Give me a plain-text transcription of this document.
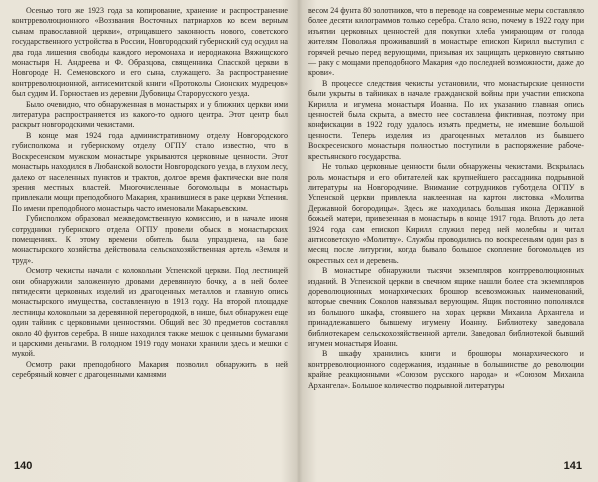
Осенью того же 1923 года за копирование, хранение и распространение контрреволюционного «Воззвания Восточных патриархов ко всем верным сынам православной церкви», отрицавшего законность нового, советского государственного устройства в России, Новгородский губернский суд осудил на два года лишения свободы каждого иеромонаха и иеродиакона Вяжищского монастыря Н. Андреева и Ф. Образцова, священника Спасской церкви в Новгороде Н. Семеновского и его сына, служащего. За распространение контрреволюционной, антисемитской книги «Протоколы Сионских мудрецов» был судим И. Горностаев из деревни Дубовицы Старорусского уезда.

Было очевидно, что обнаруженная в монастырях и у ближних церкви ими литература распространяется из какого-то одного центра. Этот центр был раскрыт новгородскими чекистами.

В конце мая 1924 года административному отделу Новгородского губисполкома и губернскому отделу ОГПУ стало известно, что в Воскресенском мужском монастыре укрываются церковные ценности. Этот монастырь находился в Любанской волости Новгородского уезда, в глухом лесу, далеко от населенных пунктов и трактов, долгое время фактически вне поля зрения местных властей. Многочисленные богомольцы в монастырь привлекали мощи преподобного Макария, хранившиеся в раке церкви Успения. По имени преподобного монастырь часто именовали Макарьевским.

Губисполком образовал межведомственную комиссию, и в начале июня сотрудники губернского отдела ОГПУ провели обыск в монастырских помещениях. К этому времени обитель была упразднена, на базе монастырского хозяйства действовала сельскохозяйственная артель «Земля и труд».

Осмотр чекисты начали с колокольни Успенской церкви. Под лестницей они обнаружили заложенную дровами деревянную бочку, а в ней более пятидесяти церковных изделий из драгоценных металлов и главную опись монастырского имущества, составленную в 1913 году. На второй площадке лестницы колокольни за деревянной перегородкой, в нише, был обнаружен еще один тайник с церковными ценностями. Общий вес 30 предметов составлял около 40 фунтов серебра. В нише находился также мешок с ценными бумагами и царскими деньгами. В голодном 1919 году монахи хранили здесь и мешки с мукой.

Осмотр раки преподобного Макария позволил обнаружить в ней серебряный ковчег с драгоценными камнями

весом 24 фунта 80 золотников, что в переводе на современные меры составляло более десяти килограммов только серебра. Стало ясно, почему в 1922 году при изъятии церковных ценностей для покупки хлеба умирающим от голода жителям Поволжья проживавший в монастыре епископ Кирилл выступил с горячей речью перед верующими, призывая их защищать церковную святыню — раку с мощами преподобного Макария «до последней возможности, даже до крови».

В процессе следствия чекисты установили, что монастырские ценности были укрыты в тайниках в начале гражданской войны при участии епископа Кирилла и игумена монастыря Иоанна. По их указанию главная опись ценностей была скрыта, а вместо нее составлена фиктивная, поэтому при конфискации в 1922 году удалось изъять предметы, не имевшие большой ценности. Теперь изделия из драгоценных металлов из бывшего Воскресенского монастыря полностью поступили в распоряжение рабоче-крестьянского государства.

Не только церковные ценности были обнаружены чекистами. Вскрылась роль монастыря и его обитателей как крупнейшего рассадника подрывной литературы на Новгородчине. Внимание сотрудников губотдела ОГПУ в Успенской церкви привлекла наклеенная на картон листовка «Молитва Державной богородицы». Здесь же находилась большая икона Державной божьей матери, привезенная в монастырь в конце 1917 года. Вплоть до лета 1924 года сам епископ Кирилл служил перед ней молебны и читал антисоветскую «Молитву». Службы проводились по воскресеньям один раз в месяц после литургии, когда бывало большое скопление богомольцев из окрестных сел и деревень.

В монастыре обнаружили тысячи экземпляров контрреволюционных изданий. В Успенской церкви в свечном ящике нашли более ста экземпляров дореволюционных монархических брошюр всевозможных наименований, которые свечник Соколов навязывал верующим. Ящик постоянно пополнялся из большого шкафа, стоявшего на хорах церкви Михаила Архангела и принадлежавшего бывшему игумену Иоанну. Библиотеку заведовала библиотекарем сельскохозяйственной артели. Заведовал библиотекой бывший игумен монастыря Иоанн.

В шкафу хранились книги и брошюры монархического и контрреволюционного содержания, изданные в большинстве до революции крайне реакционными «Союзом русского народа» и «Союзом Михаила Архангела». Большое количество подрывной литературы

140	141
